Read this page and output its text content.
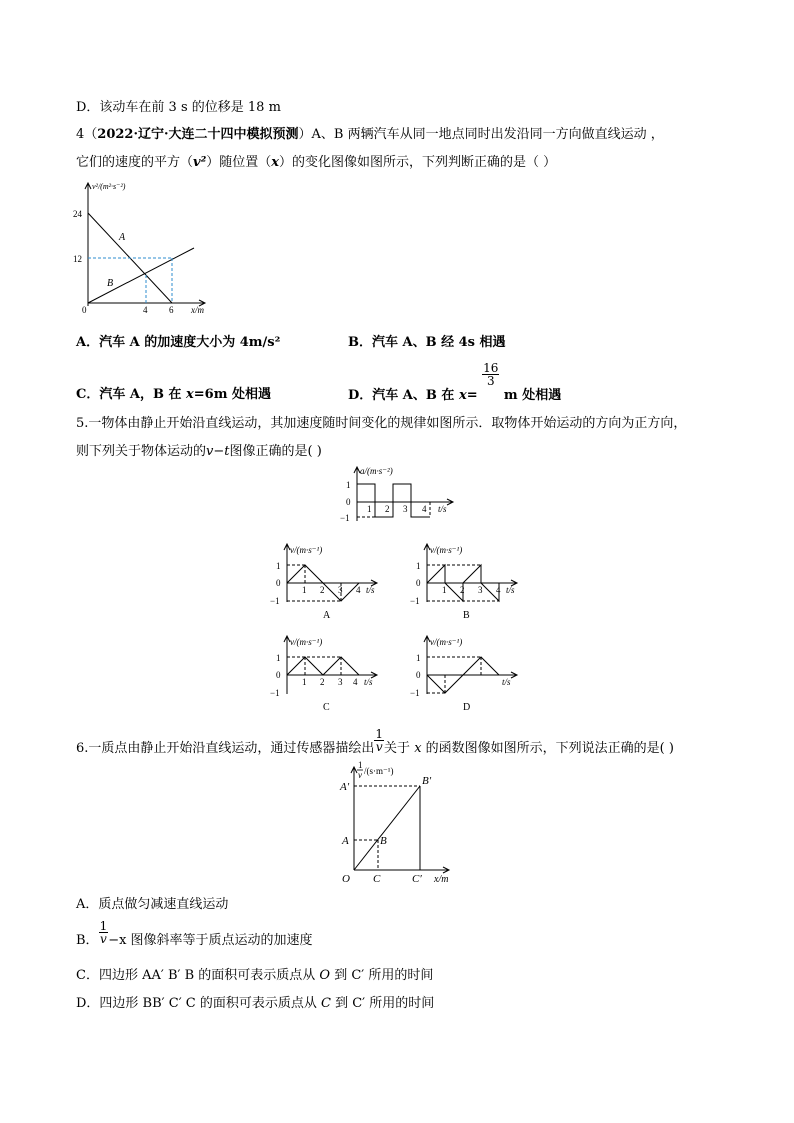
D．该动车在前 3 s 的位移是 18 m
4（2022·辽宁·大连二十四中模拟预测）A、B 两辆汽车从同一地点同时出发沿同一方向做直线运动 ，
它们的速度的平方（v²）随位置（x）的变化图像如图所示，下列判断正确的是（ ）
v²/(m²·s⁻²)
24
12
0	4 6 x/m
A
B
A．汽车 A 的加速度大小为 4m/s²	B．汽车 A、B 经 4s 相遇
C．汽车 A，B 在 x=6m 处相遇	D．汽车 A、B 在 x=
$\frac{16}{3}$
m 处相遇
5.一物体由静止开始沿直线运动，其加速度随时间变化的规律如图所示．取物体开始运动的方向为正方向，
则下列关于物体运动的v−t图像正确的是( )
a/(m·s⁻²)
1
0
−1
1 2 3 4 t/s
v/(m·s⁻¹)
1
0
−1
1 2 3 4 t/s
A
v/(m·s⁻¹)
1
0
−1
1 2 3 4 t/s
B
v/(m·s⁻¹)
1
0
−1
1 2 3 4 t/s
C
v/(m·s⁻¹)
1
0
−1
t/s
D
6.一质点由静止开始沿直线运动，通过传感器描绘出 $\frac{1}{v}$ 关于 x 的函数图像如图所示，下列说法正确的是( )
1
v /(s·m⁻¹)
A′
A
B′
B
O C	C′ x/m
A．质点做匀减速直线运动
B． $\frac{1}{v} -x$ 图像斜率等于质点运动的加速度
C．四边形 AA′ B′ B 的面积可表示质点从 O 到 C′ 所用的时间
D．四边形 BB′ C′ C 的面积可表示质点从 C 到 C′ 所用的时间
